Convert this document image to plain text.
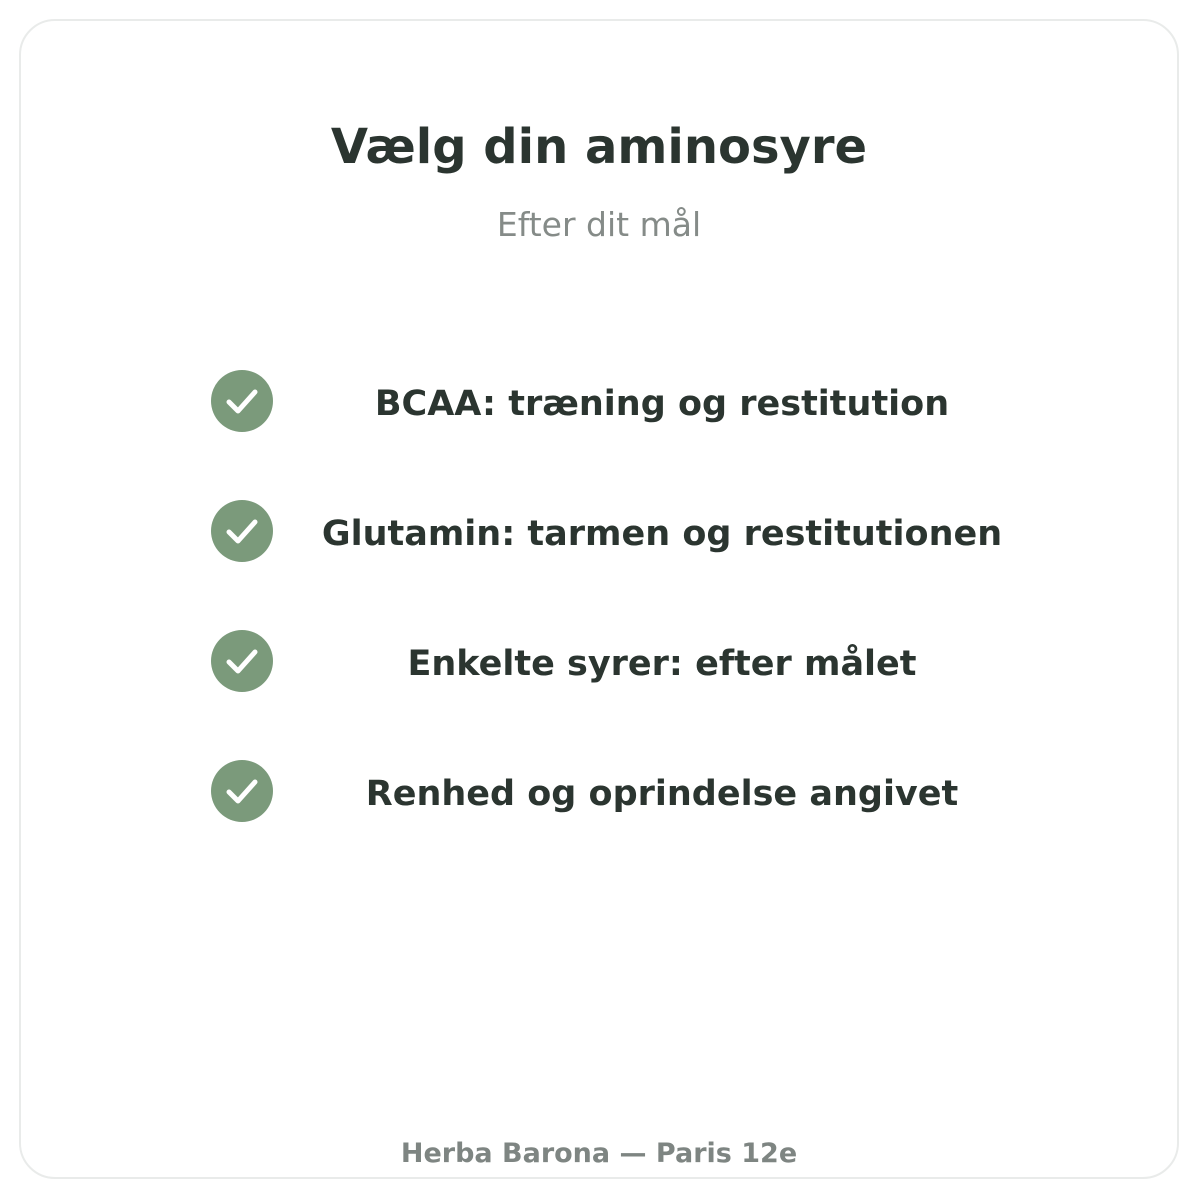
Vælg din aminosyre

Efter dit mål

BCAA: træning og restitution
Glutamin: tarmen og restitutionen
Enkelte syrer: efter målet
Renhed og oprindelse angivet

Herba Barona — Paris 12e
